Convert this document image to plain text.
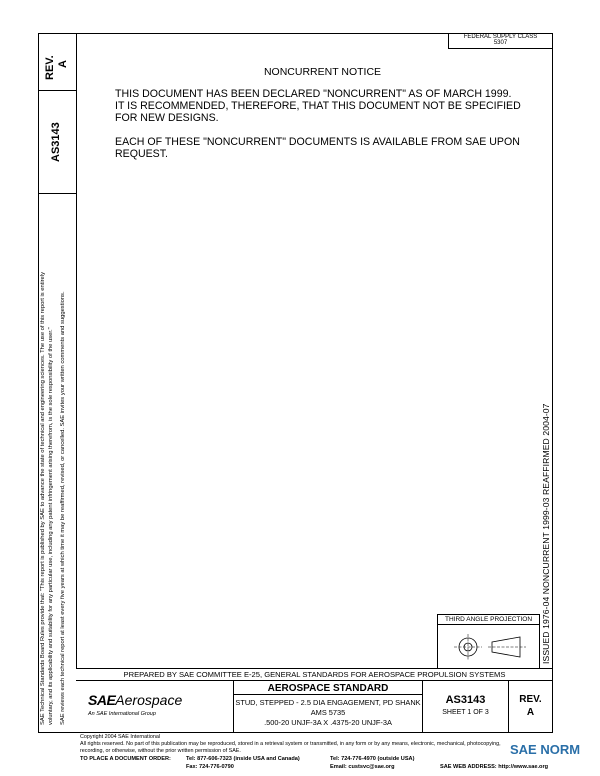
REV. A
AS3143
SAE Technical Standards Board Rules provide that: "This report is published by SAE to advance the state of technical and engineering sciences. The use of this report is entirely voluntary, and its applicability and suitability for any particular use, including any patent infringement arising therefrom, is the sole responsibility of the user." SAE reviews each technical report at least every five years at which time it may be reaffirmed, revised, or cancelled. SAE invites your written comments and suggestions.
FEDERAL SUPPLY CLASS
5307
NONCURRENT NOTICE
THIS DOCUMENT HAS BEEN DECLARED "NONCURRENT" AS OF MARCH 1999.
IT IS RECOMMENDED, THEREFORE, THAT THIS DOCUMENT NOT BE SPECIFIED
FOR NEW DESIGNS.
EACH OF THESE "NONCURRENT" DOCUMENTS IS AVAILABLE FROM SAE UPON
REQUEST.
ISSUED 1976-04 NONCURRENT 1999-03 REAFFIRMED 2004-07
THIRD ANGLE PROJECTION
PREPARED BY SAE COMMITTEE E-25, GENERAL STANDARDS FOR AEROSPACE PROPULSION SYSTEMS
SAEAerospace
An SAE International Group
AEROSPACE STANDARD
STUD, STEPPED - 2.5 DIA ENGAGEMENT, PD SHANK
AMS 5735
.500-20 UNJF-3A X .4375-20 UNJF-3A
AS3143
SHEET 1 OF 3
REV.
A
Copyright 2004 SAE International
All rights reserved. No part of this publication may be reproduced, stored in a retrieval system or transmitted, in any form or by any means, electronic, mechanical, photocopying,
recording, or otherwise, without the prior written permission of SAE.
TO PLACE A DOCUMENT ORDER:	Tel: 877-606-7323 (inside USA and Canada)
Fax: 724-776-0790
Tel: 724-776-4970 (outside USA)
Email: custsvc@sae.org	SAE WEB ADDRESS: http://www.sae.org
SAE NORM
